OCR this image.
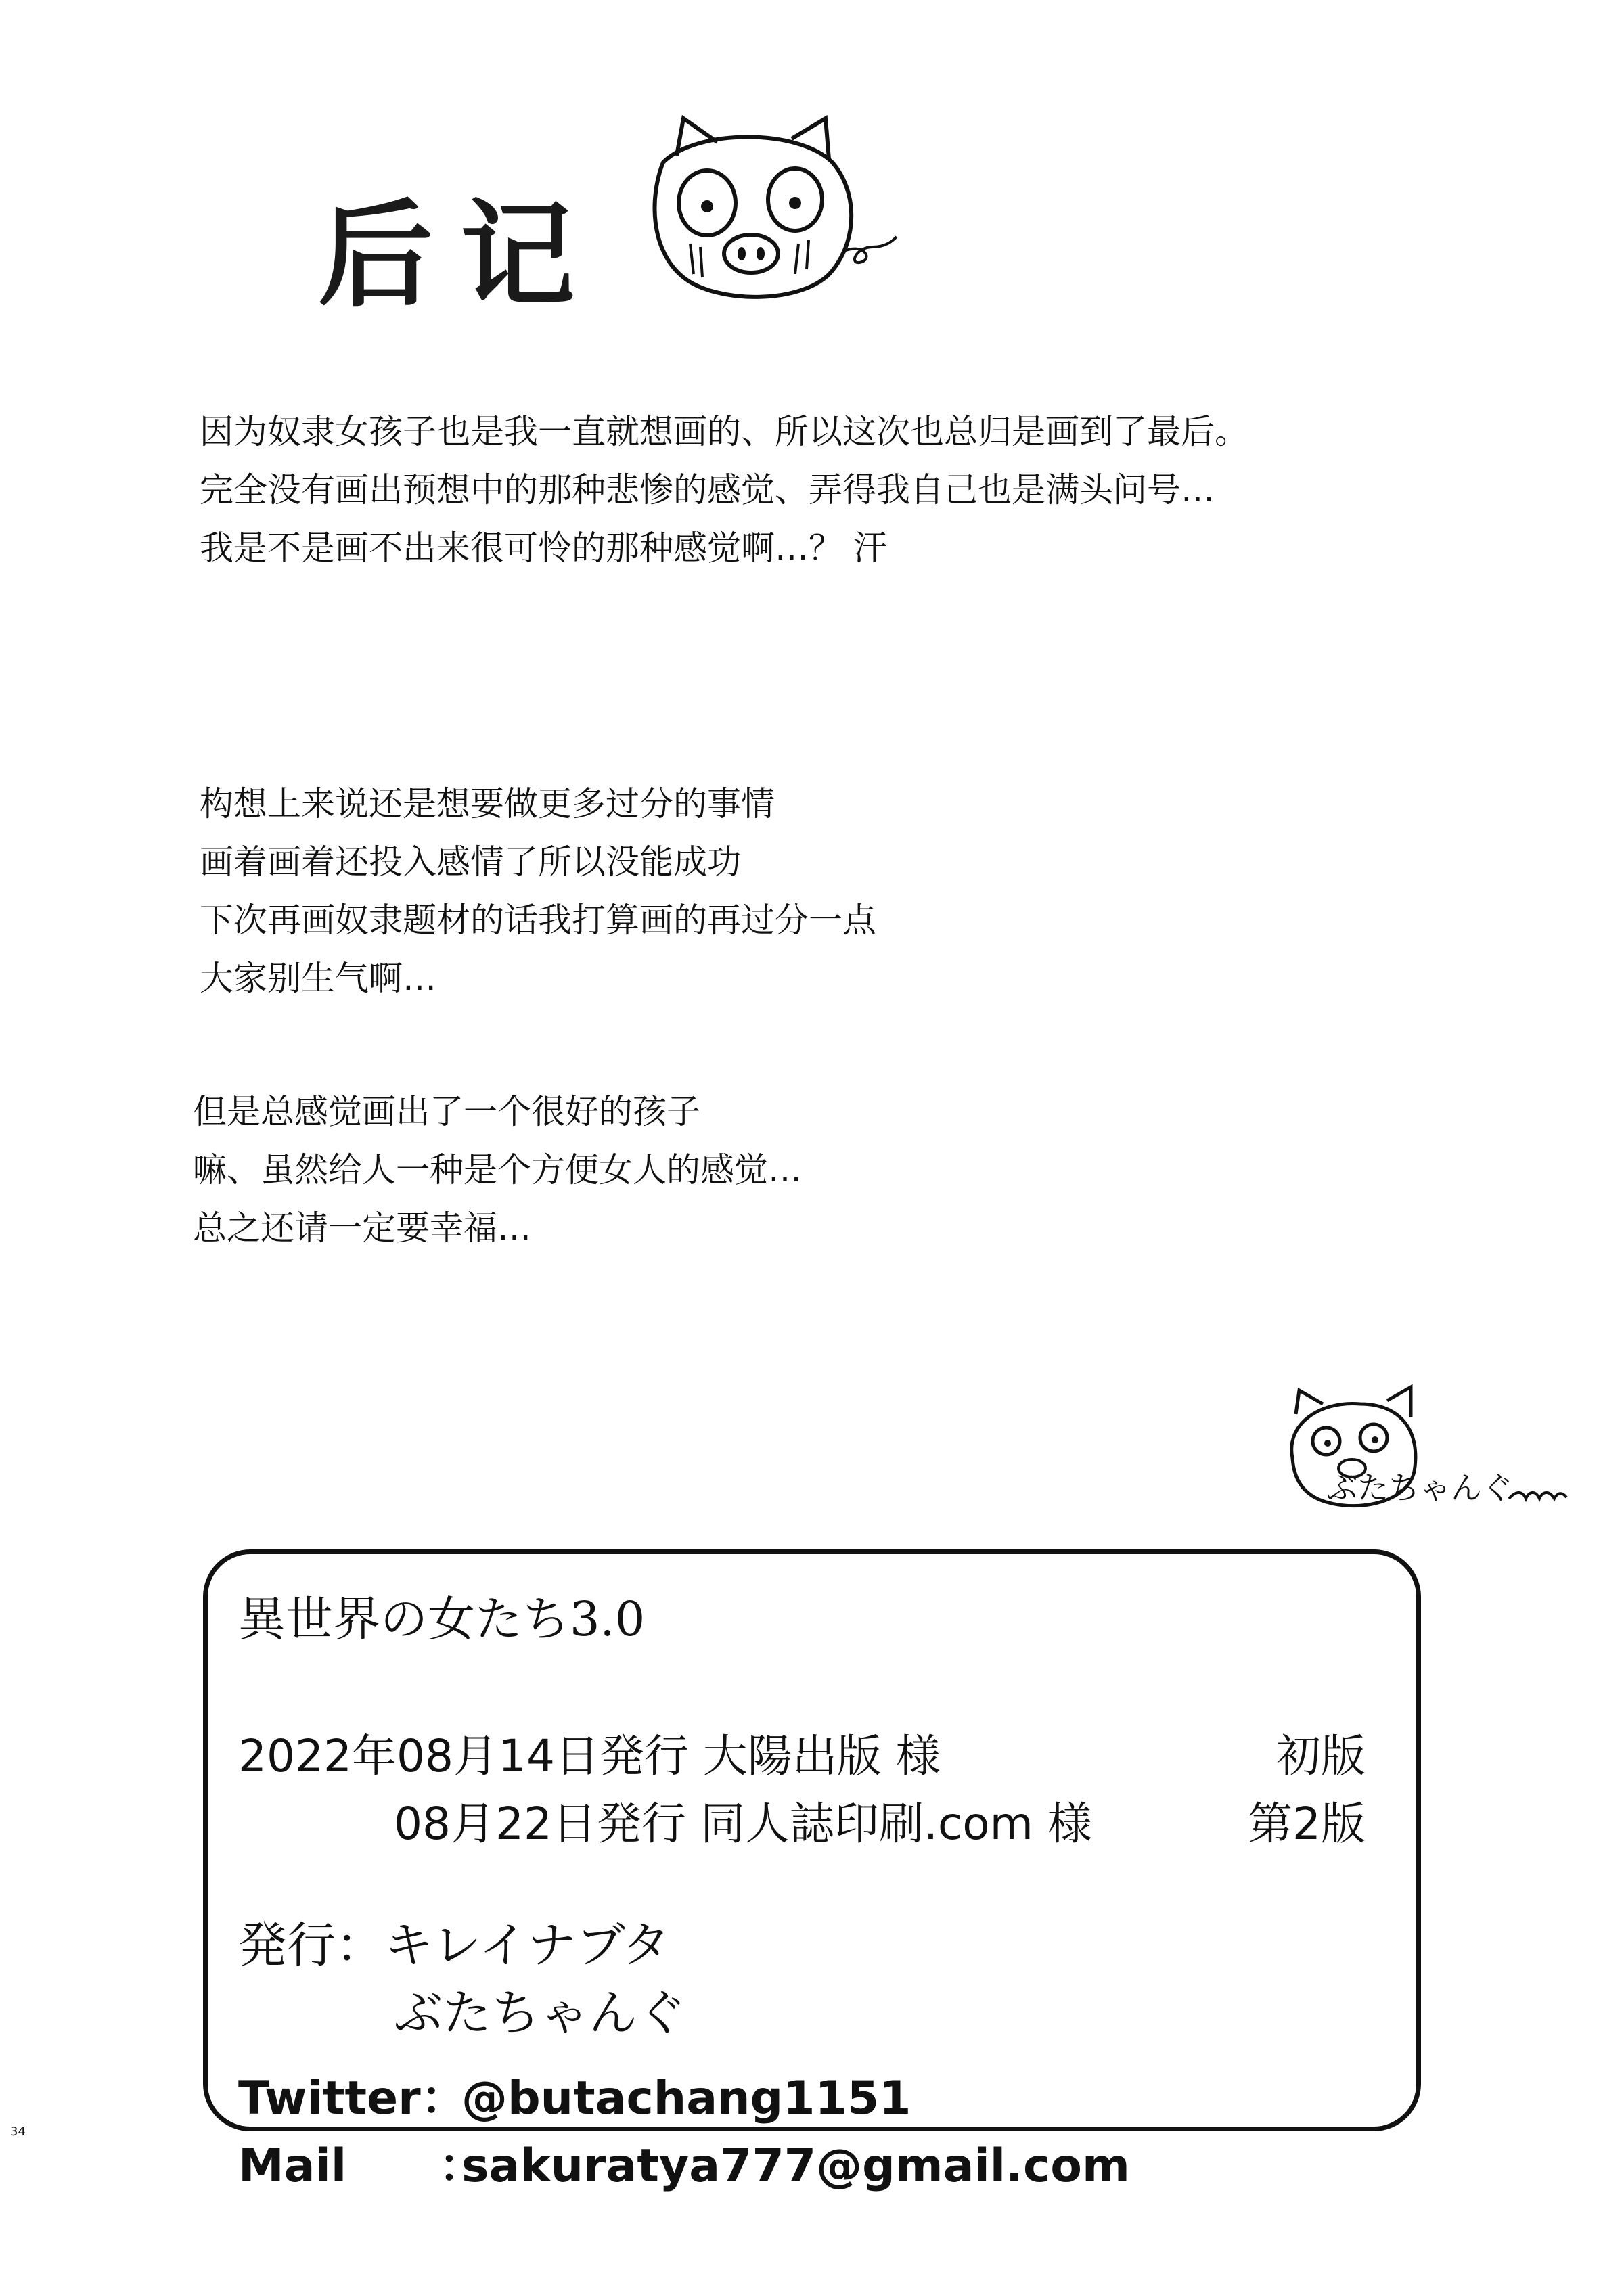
后记
因为奴隶女孩子也是我一直就想画的、所以这次也总归是画到了最后。
完全没有画出预想中的那种悲惨的感觉、弄得我自己也是满头问号…
我是不是画不出来很可怜的那种感觉啊…？ 汗
构想上来说还是想要做更多过分的事情
画着画着还投入感情了所以没能成功
下次再画奴隶题材的话我打算画的再过分一点
大家别生气啊…
但是总感觉画出了一个很好的孩子
嘛、虽然给人一种是个方便女人的感觉…
总之还请一定要幸福…
ぶたちゃんぐ
異世界の女たち3.0
2022年08月14日発行 大陽出版 様	初版
08月22日発行 同人誌印刷.com 様	第2版
発行：キレイナブタ
ぶたちゃんぐ
Twitter：@butachang1151
Mail　　：sakuratya777@gmail.com
34
